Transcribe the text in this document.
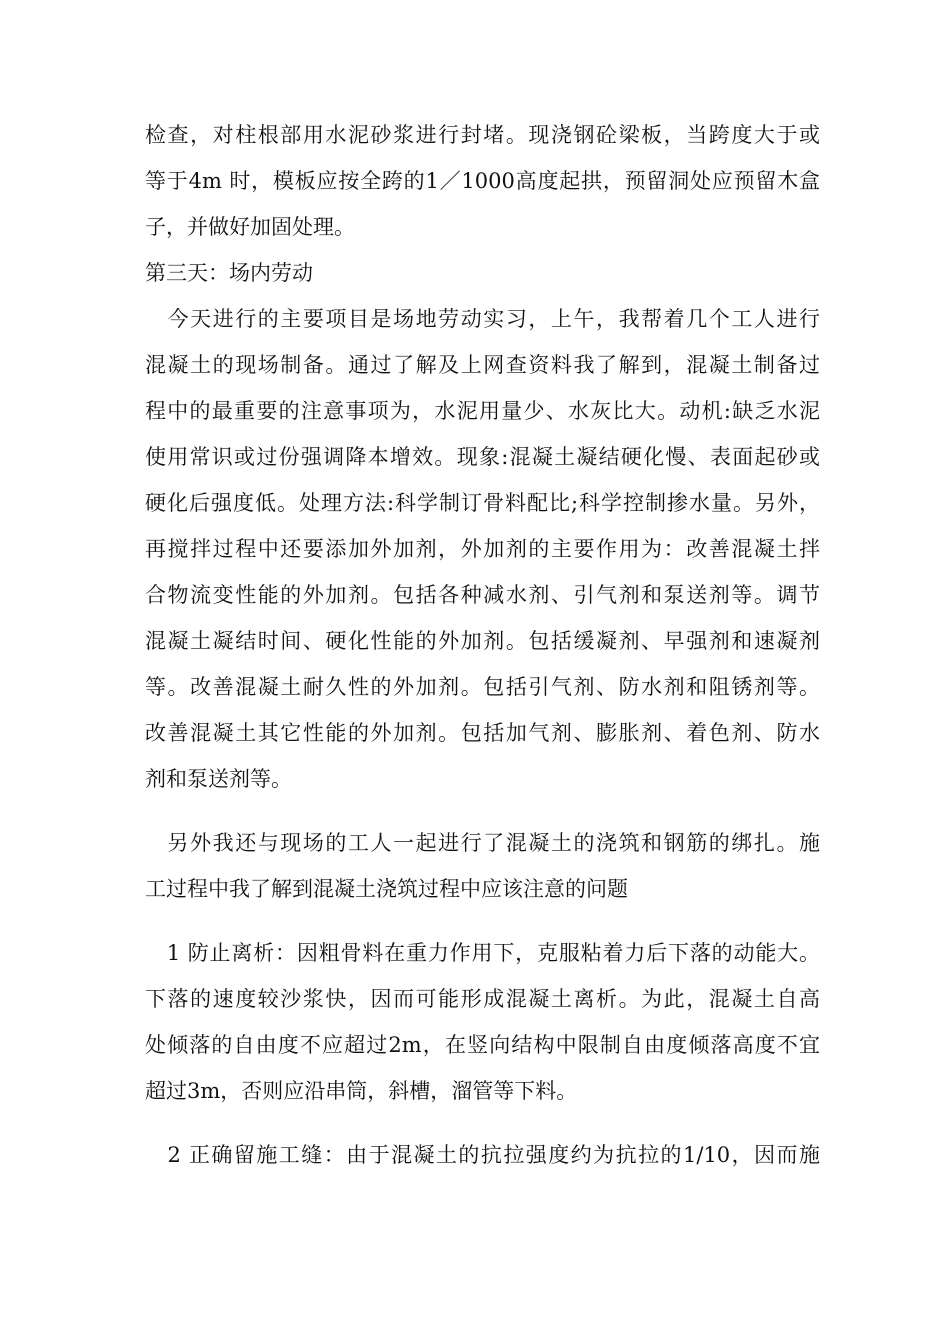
检查，对柱根部用水泥砂浆进行封堵。现浇钢砼梁板，当跨度大于或
等于4m 时，模板应按全跨的1／1000高度起拱，预留洞处应预留木盒
子，并做好加固处理。
第三天：场内劳动
　今天进行的主要项目是场地劳动实习，上午，我帮着几个工人进行
混凝土的现场制备。通过了解及上网查资料我了解到，混凝土制备过
程中的最重要的注意事项为，水泥用量少、水灰比大。动机:缺乏水泥
使用常识或过份强调降本增效。现象:混凝土凝结硬化慢、表面起砂或
硬化后强度低。处理方法:科学制订骨料配比;科学控制掺水量。另外，
再搅拌过程中还要添加外加剂，外加剂的主要作用为：改善混凝土拌
合物流变性能的外加剂。包括各种减水剂、引气剂和泵送剂等。调节
混凝土凝结时间、硬化性能的外加剂。包括缓凝剂、早强剂和速凝剂
等。改善混凝土耐久性的外加剂。包括引气剂、防水剂和阻锈剂等。
改善混凝土其它性能的外加剂。包括加气剂、膨胀剂、着色剂、防水
剂和泵送剂等。
　另外我还与现场的工人一起进行了混凝土的浇筑和钢筋的绑扎。施
工过程中我了解到混凝土浇筑过程中应该注意的问题
　1 防止离析：因粗骨料在重力作用下，克服粘着力后下落的动能大。
下落的速度较沙浆快，因而可能形成混凝土离析。为此，混凝土自高
处倾落的自由度不应超过2m，在竖向结构中限制自由度倾落高度不宜
超过3m，否则应沿串筒，斜槽，溜管等下料。
　2 正确留施工缝：由于混凝土的抗拉强度约为抗拉的1/10，因而施
